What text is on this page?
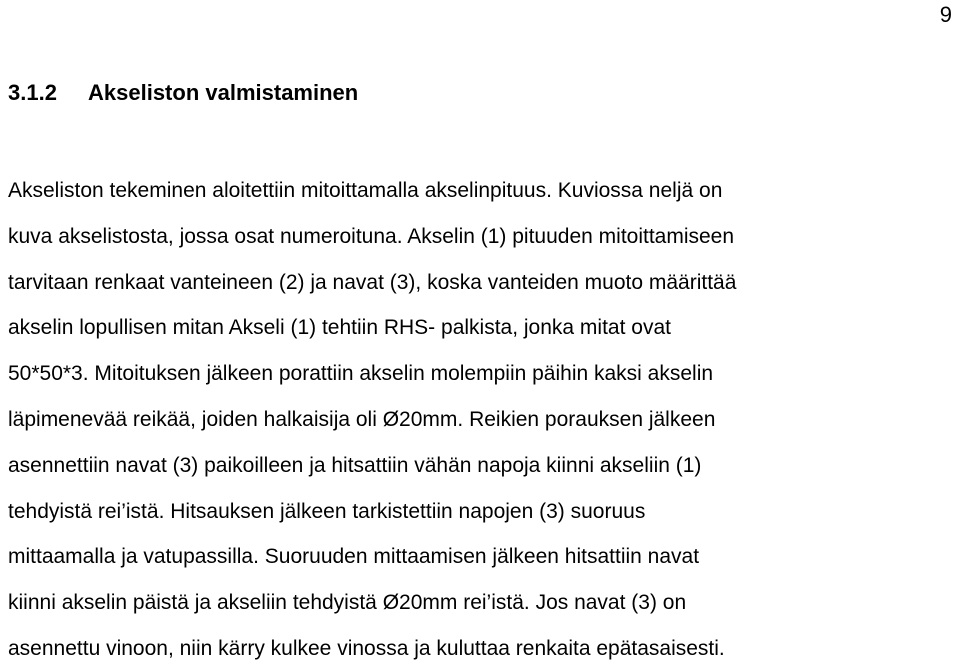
9
3.1.2 Akseliston valmistaminen
Akseliston tekeminen aloitettiin mitoittamalla akselinpituus. Kuviossa neljä on
kuva akselistosta, jossa osat numeroituna. Akselin (1) pituuden mitoittamiseen
tarvitaan renkaat vanteineen (2) ja navat (3), koska vanteiden muoto määrittää
akselin lopullisen mitan Akseli (1) tehtiin RHS- palkista, jonka mitat ovat
50*50*3. Mitoituksen jälkeen porattiin akselin molempiin päihin kaksi akselin
läpimenevää reikää, joiden halkaisija oli Ø20mm. Reikien porauksen jälkeen
asennettiin navat (3) paikoilleen ja hitsattiin vähän napoja kiinni akseliin (1)
tehdyistä rei’istä. Hitsauksen jälkeen tarkistettiin napojen (3) suoruus
mittaamalla ja vatupassilla. Suoruuden mittaamisen jälkeen hitsattiin navat
kiinni akselin päistä ja akseliin tehdyistä Ø20mm rei’istä. Jos navat (3) on
asennettu vinoon, niin kärry kulkee vinossa ja kuluttaa renkaita epätasaisesti.
